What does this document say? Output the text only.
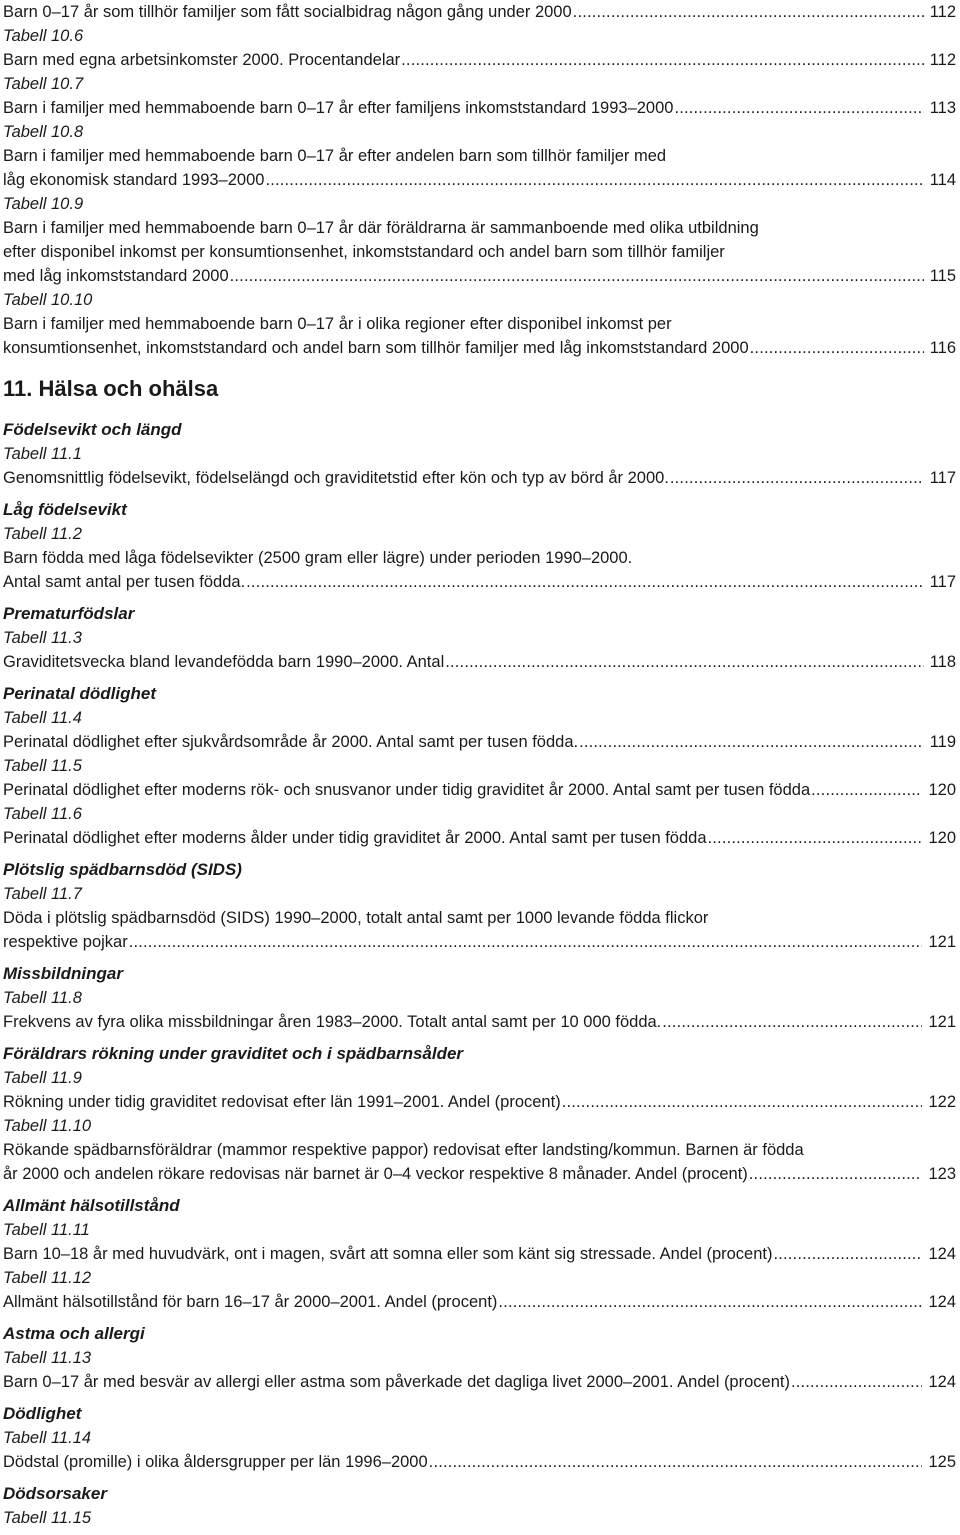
Barn 0–17 år som tillhör familjer som fått socialbidrag någon gång under 2000 . . .	112
Tabell 10.6
Barn med egna arbetsinkomster 2000. Procentandelar . . .	112
Tabell 10.7
Barn i familjer med hemmaboende barn 0–17 år efter familjens inkomststandard 1993–2000 . . .	113
Tabell 10.8
Barn i familjer med hemmaboende barn 0–17 år efter andelen barn som tillhör familjer med
låg ekonomisk standard 1993–2000 . . .	114
Tabell 10.9
Barn i familjer med hemmaboende barn 0–17 år där föräldrarna är sammanboende med olika utbildning
efter disponibel inkomst per konsumtionsenhet, inkomststandard och andel barn som tillhör familjer
med låg inkomststandard 2000 . . .	115
Tabell 10.10
Barn i familjer med hemmaboende barn 0–17 år i olika regioner efter disponibel inkomst per
konsumtionsenhet, inkomststandard och andel barn som tillhör familjer med låg inkomststandard 2000 . . .	116
11. Hälsa och ohälsa
Födelsevikt och längd
Tabell 11.1
Genomsnittlig födelsevikt, födelselängd och graviditetstid efter kön och typ av börd år 2000. . . .	117
Låg födelsevikt
Tabell 11.2
Barn födda med låga födelsevikter (2500 gram eller lägre) under perioden 1990–2000.
Antal samt antal per tusen födda. . . .	117
Prematurfödslar
Tabell 11.3
Graviditetsvecka bland levandefödda barn 1990–2000. Antal . . .	118
Perinatal dödlighet
Tabell 11.4
Perinatal dödlighet efter sjukvårdsområde år 2000. Antal samt per tusen födda. . . .	119
Tabell 11.5
Perinatal dödlighet efter moderns rök- och snusvanor under tidig graviditet år 2000. Antal samt per tusen födda . . .	120
Tabell 11.6
Perinatal dödlighet efter moderns ålder under tidig graviditet år 2000. Antal samt per tusen födda . . .	120
Plötslig spädbarnsdöd (SIDS)
Tabell 11.7
Döda i plötslig spädbarnsdöd (SIDS) 1990–2000, totalt antal samt per 1000 levande födda flickor
respektive pojkar . . .	121
Missbildningar
Tabell 11.8
Frekvens av fyra olika missbildningar åren 1983–2000. Totalt antal samt per 10 000 födda. . . .	121
Föräldrars rökning under graviditet och i spädbarnsålder
Tabell 11.9
Rökning under tidig graviditet redovisat efter län 1991–2001. Andel (procent) . . .	122
Tabell 11.10
Rökande spädbarnsföräldrar (mammor respektive pappor) redovisat efter landsting/kommun. Barnen är födda
år 2000 och andelen rökare redovisas när barnet är 0–4 veckor respektive 8 månader. Andel (procent) . . .	123
Allmänt hälsotillstånd
Tabell 11.11
Barn 10–18 år med huvudvärk, ont i magen, svårt att somna eller som känt sig stressade. Andel (procent) . . .	124
Tabell 11.12
Allmänt hälsotillstånd för barn 16–17 år 2000–2001. Andel (procent) . . .	124
Astma och allergi
Tabell 11.13
Barn 0–17 år med besvär av allergi eller astma som påverkade det dagliga livet 2000–2001. Andel (procent) . . .	124
Dödlighet
Tabell 11.14
Dödstal (promille) i olika åldersgrupper per län 1996–2000 . . .	125
Dödsorsaker
Tabell 11.15
